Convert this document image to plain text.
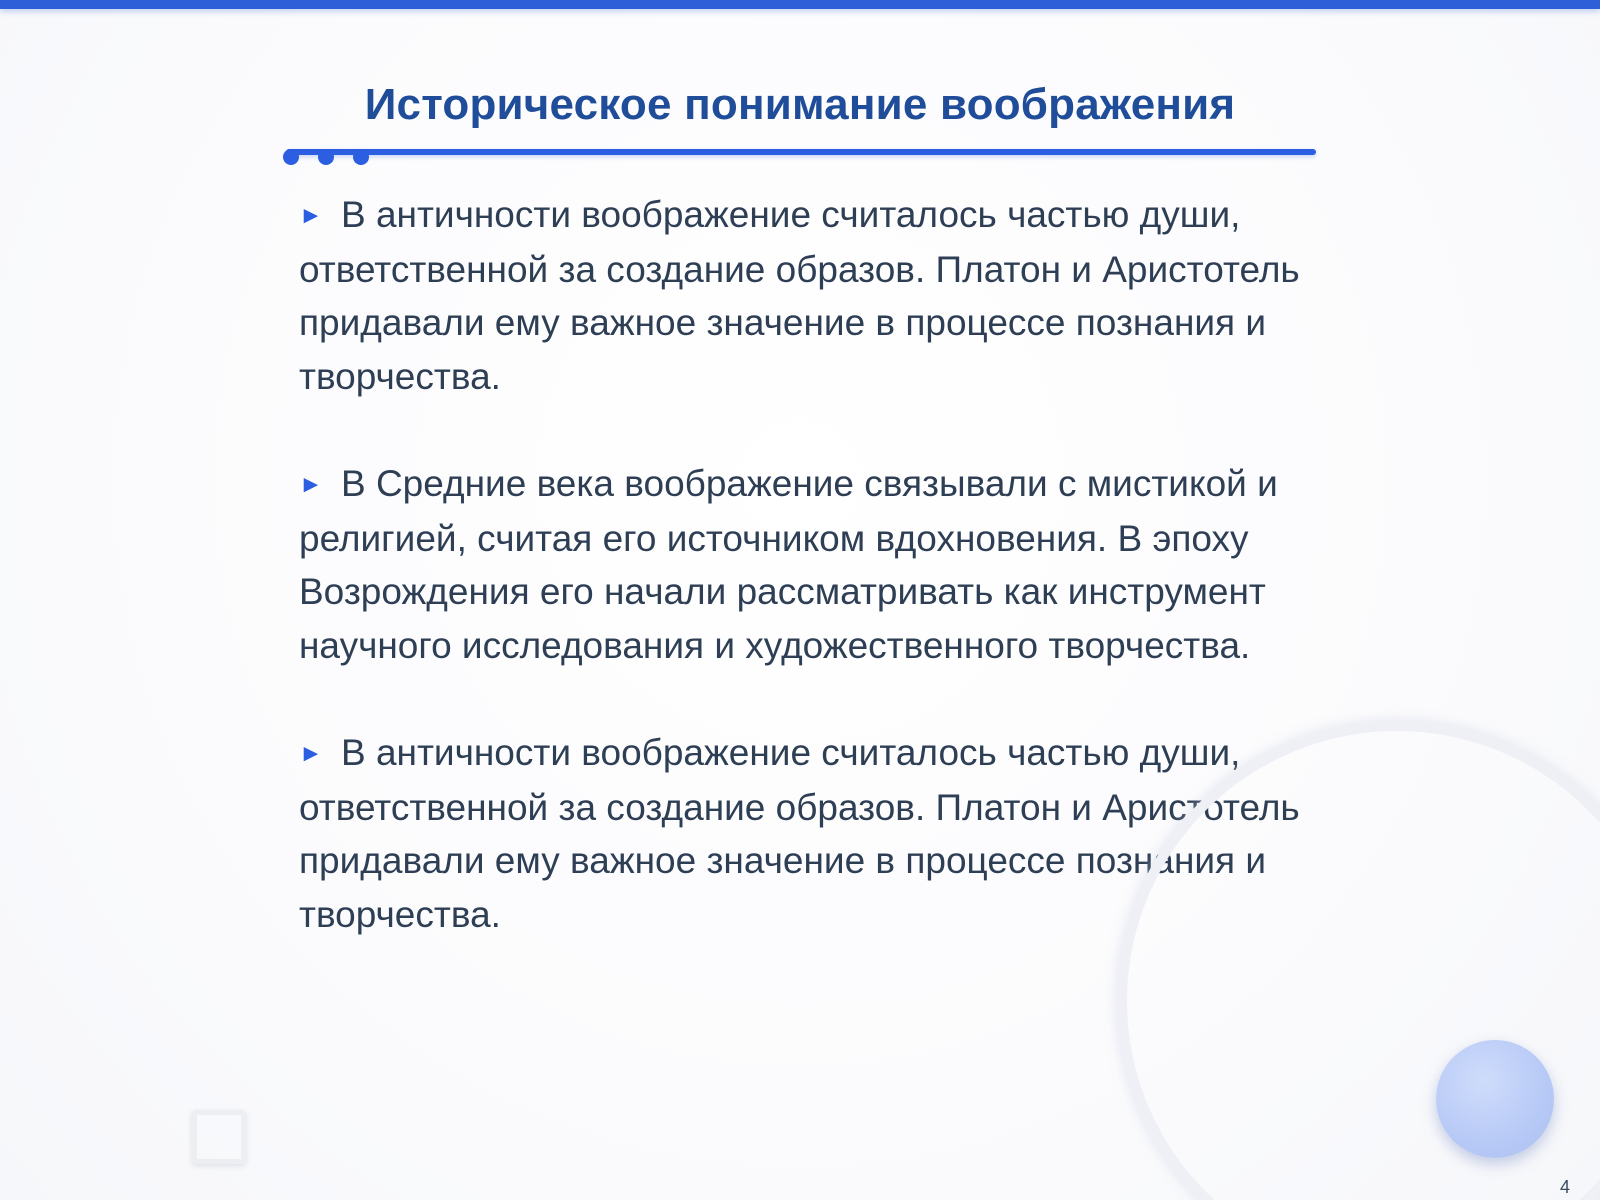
Историческое понимание воображения
► В античности воображение считалось частью души, ответственной за создание образов. Платон и Аристотель придавали ему важное значение в процессе познания и творчества.
► В Средние века воображение связывали с мистикой и религией, считая его источником вдохновения. В эпоху Возрождения его начали рассматривать как инструмент научного исследования и художественного творчества.
► В античности воображение считалось частью души, ответственной за создание образов. Платон и Аристотель придавали ему важное значение в процессе познания и творчества.
4
